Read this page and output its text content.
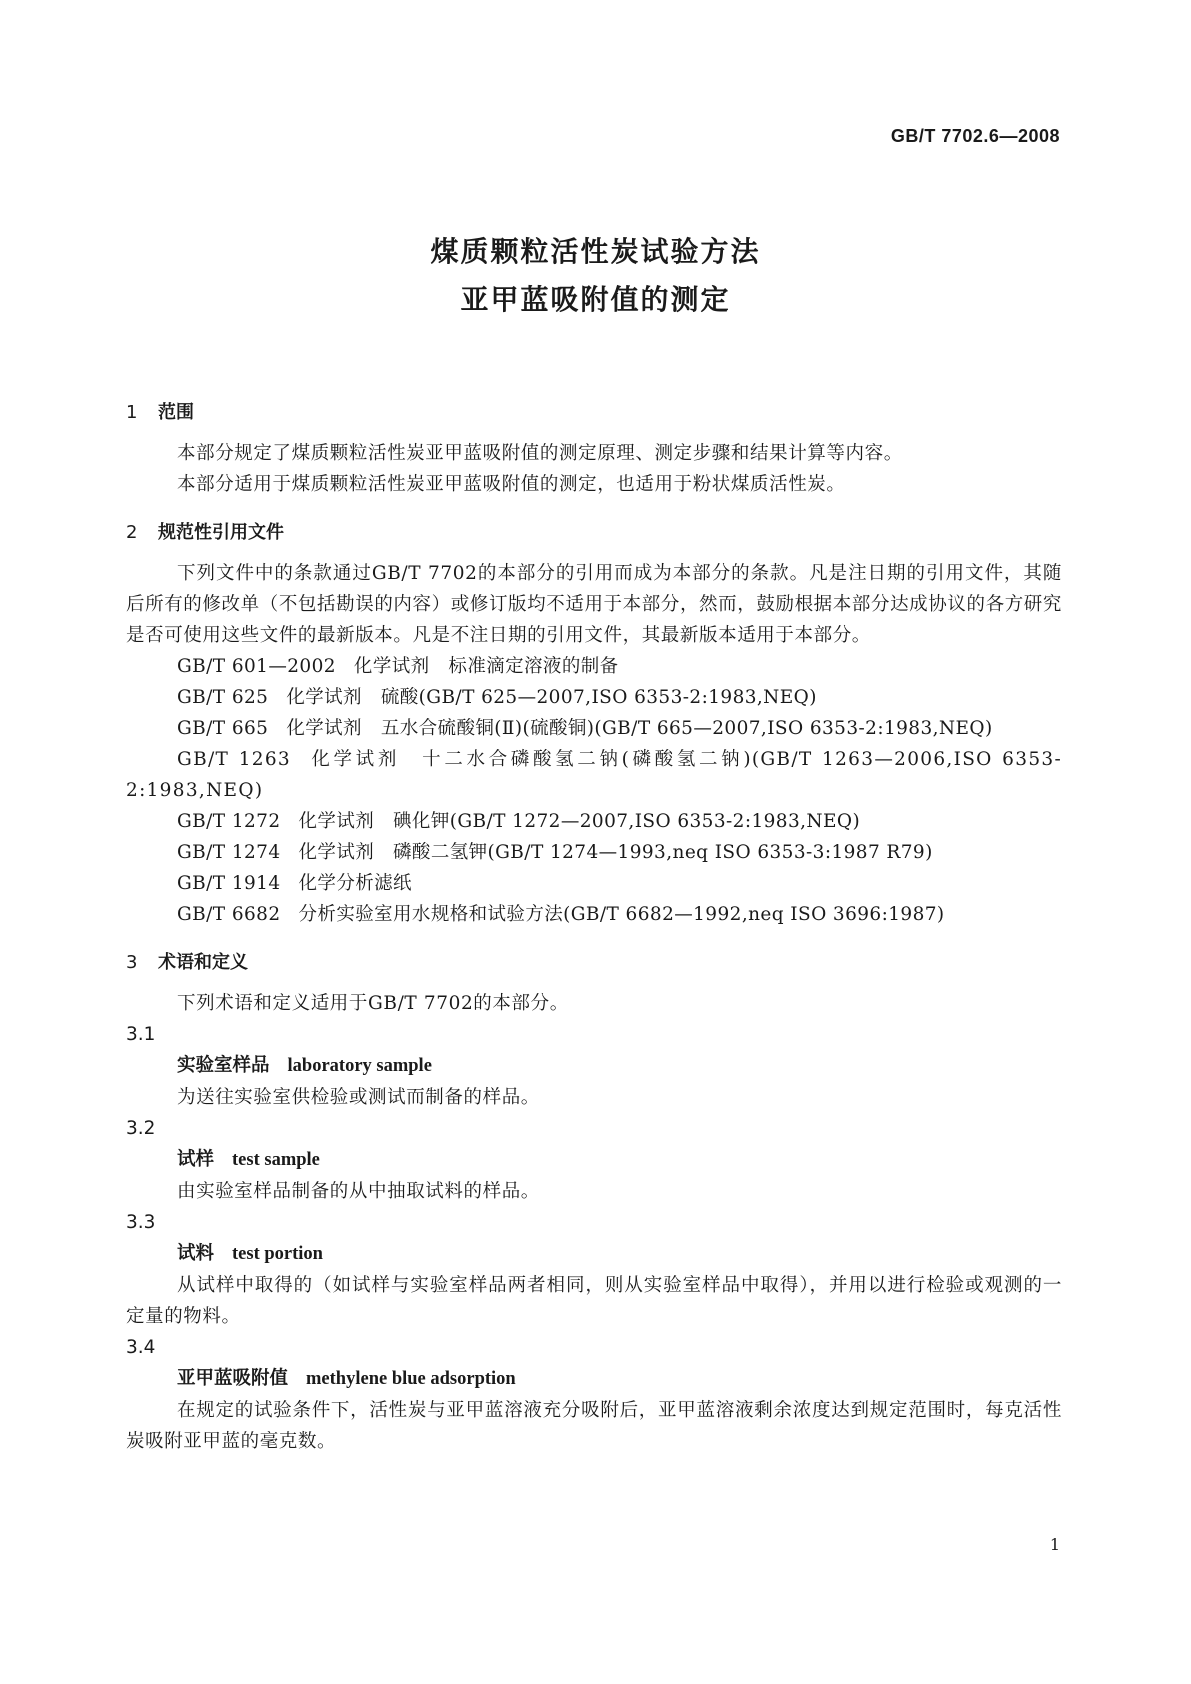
GB/T 7702.6—2008
煤质颗粒活性炭试验方法
亚甲蓝吸附值的测定
1 范围
本部分规定了煤质颗粒活性炭亚甲蓝吸附值的测定原理、测定步骤和结果计算等内容。
本部分适用于煤质颗粒活性炭亚甲蓝吸附值的测定，也适用于粉状煤质活性炭。
2 规范性引用文件
下列文件中的条款通过GB/T 7702的本部分的引用而成为本部分的条款。凡是注日期的引用文件，其随后所有的修改单（不包括勘误的内容）或修订版均不适用于本部分，然而，鼓励根据本部分达成协议的各方研究是否可使用这些文件的最新版本。凡是不注日期的引用文件，其最新版本适用于本部分。
GB/T 601—2002 化学试剂　标准滴定溶液的制备
GB/T 625 化学试剂　硫酸(GB/T 625—2007,ISO 6353-2:1983,NEQ)
GB/T 665 化学试剂　五水合硫酸铜(Ⅱ)(硫酸铜)(GB/T 665—2007,ISO 6353-2:1983,NEQ)
GB/T 1263 化学试剂　十二水合磷酸氢二钠(磷酸氢二钠)(GB/T 1263—2006,ISO 6353-2:1983,NEQ)
GB/T 1272 化学试剂　碘化钾(GB/T 1272—2007,ISO 6353-2:1983,NEQ)
GB/T 1274 化学试剂　磷酸二氢钾(GB/T 1274—1993,neq ISO 6353-3:1987 R79)
GB/T 1914 化学分析滤纸
GB/T 6682 分析实验室用水规格和试验方法(GB/T 6682—1992,neq ISO 3696:1987)
3 术语和定义
下列术语和定义适用于GB/T 7702的本部分。
3.1
实验室样品 laboratory sample
为送往实验室供检验或测试而制备的样品。
3.2
试样 test sample
由实验室样品制备的从中抽取试料的样品。
3.3
试料 test portion
从试样中取得的（如试样与实验室样品两者相同，则从实验室样品中取得），并用以进行检验或观测的一定量的物料。
3.4
亚甲蓝吸附值 methylene blue adsorption
在规定的试验条件下，活性炭与亚甲蓝溶液充分吸附后，亚甲蓝溶液剩余浓度达到规定范围时，每克活性炭吸附亚甲蓝的毫克数。
1
